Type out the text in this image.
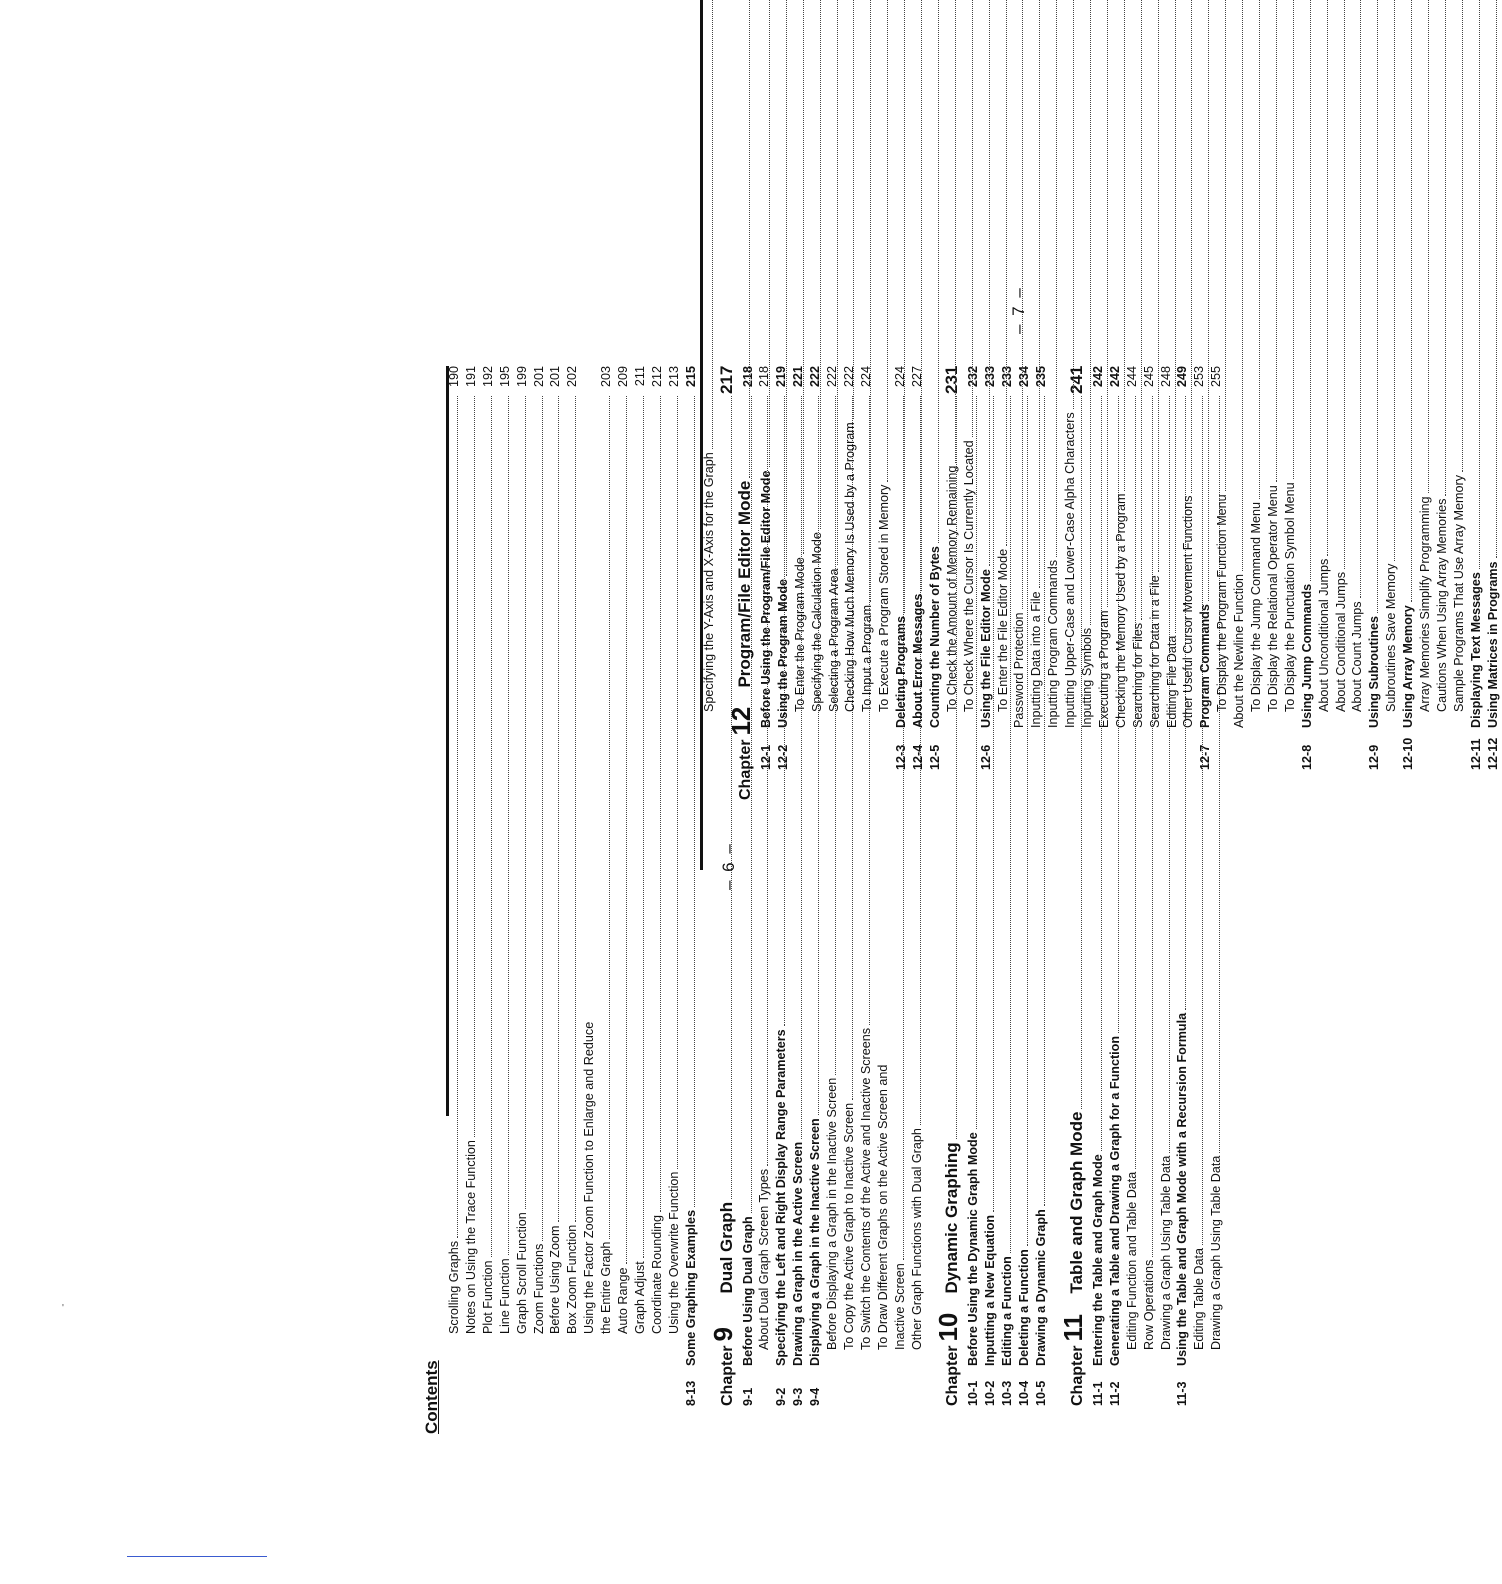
'
Contents
Scrolling Graphs
190
Notes on Using the Trace Function
191
Plot Function
192
Line Function
195
Graph Scroll Function
199
Zoom Functions
201
Before Using Zoom
201
Box Zoom Function
202
Using the Factor Zoom Function to Enlarge and Reduce the Entire Graph
203
Auto Range
209
Graph Adjust
211
Coordinate Rounding
212
Using the Overwrite Function
213
8-13
Some Graphing Examples
215
Chapter
9
Dual Graph
217
9-1
Before Using Dual Graph
218
About Dual Graph Screen Types
218
9-2
Specifying the Left and Right Display Range Parameters
219
9-3
Drawing a Graph in the Active Screen
221
9-4
Displaying a Graph in the Inactive Screen
222
Before Displaying a Graph in the Inactive Screen
222
To Copy the Active Graph to Inactive Screen
222
To Switch the Contents of the Active and Inactive Screens
224
To Draw Different Graphs on the Active Screen and Inactive Screen
224
Other Graph Functions with Dual Graph
227
Chapter
10
Dynamic Graphing
231
10-1
Before Using the Dynamic Graph Mode
232
10-2
Inputting a New Equation
233
10-3
Editing a Function
233
10-4
Deleting a Function
234
10-5
Drawing a Dynamic Graph
235
Chapter
11
Table and Graph Mode
241
11-1
Entering the Table and Graph Mode
242
11-2
Generating a Table and Drawing a Graph for a Function
242
Editing Function and Table Data
244
Row Operations
245
Drawing a Graph Using Table Data
248
11-3
Using the Table and Graph Mode with a Recursion Formula
249
Editing Table Data
253
Drawing a Graph Using Table Data
255
– 6 –
Specifying the Y-Axis and X-Axis for the Graph
Chapter
12
Program/File Editor Mode
12-1
Before Using the Program/File Editor Mode
12-2
Using the Program Mode To Enter the Program Mode Specifying the Calculation Mode Selecting a Program Area Checking How Much Memory Is Used by a Program To Input a Program To Execute a Program Stored in Memory
12-3
Deleting Programs
12-4
About Error Messages
12-5
Counting the Number of Bytes To Check the Amount of Memory Remaining To Check Where the Cursor Is Currently Located
12-6
Using the File Editor Mode To Enter the File Editor Mode Password Protection Inputting Data into a File Inputting Program Commands Inputting Upper-Case and Lower-Case Alpha Characters Inputting Symbols Executing a Program Checking the Memory Used by a Program Searching for Files Searching for Data in a File Editing File Data Other Useful Cursor Movement Functions
12-7
Program Commands To Display the Program Function Menu About the Newline Function To Display the Jump Command Menu To Display the Relational Operator Menu To Display the Punctuation Symbol Menu
12-8
Using Jump Commands About Unconditional Jumps About Conditional Jumps About Count Jumps
12-9
Using Subroutines Subroutines Save Memory
12-10
Using Array Memory Array Memories Simplify Programming Cautions When Using Array Memories Sample Programs That Use Array Memory
12-11
Displaying Text Messages
12-12
Using Matrices in Programs
– 7 –
